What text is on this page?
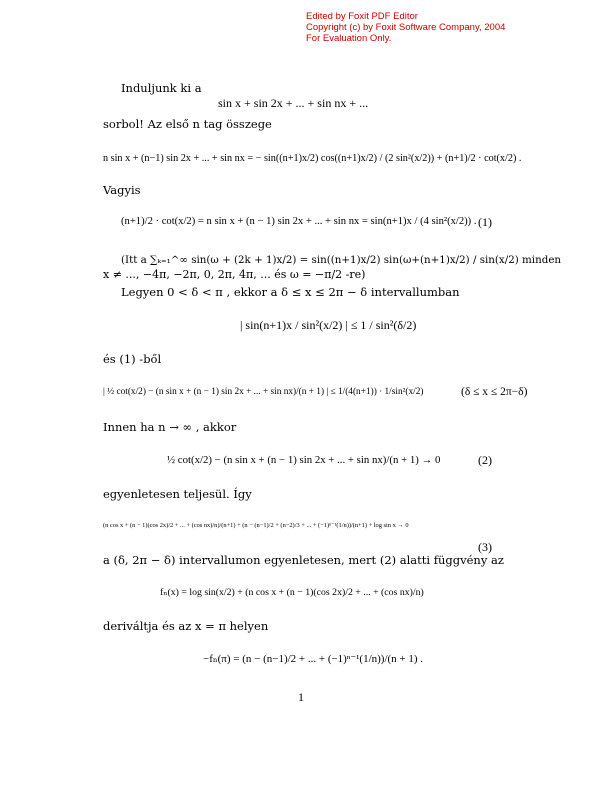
Edited by Foxit PDF Editor
Copyright (c) by Foxit Software Company, 2004
For Evaluation Only.
Induljunk ki a
sin x + sin 2x + ... + sin nx + ...
sorbol! Az első n tag összege
n sin x + (n−1) sin 2x + ... + sin nx = − sin((n+1)x/2) cos((n+1)x/2) / (2 sin²(x/2)) + (n+1)/2 · cot(x/2) .
Vagyis
(n+1)/2 · cot(x/2) = n sin x + (n − 1) sin 2x + ... + sin nx = sin(n+1)x / (4 sin²(x/2)) . (1)
(Itt a ∑ₖ₌₁^∞ sin(ω + (2k + 1)x/2) = sin((n+1)x/2) sin(ω+(n+1)x/2) / sin(x/2) minden
x ≠ ..., −4π, −2π, 0, 2π, 4π, ... és ω = −π/2 -re)
Legyen 0 < δ < π , ekkor a δ ≤ x ≤ 2π − δ intervallumban
| sin(n+1)x / sin²(x/2) | ≤ 1 / sin²(δ/2)
és (1) -ből
| ½ cot(x/2) − (n sin x + (n − 1) sin 2x + ... + sin nx)/(n + 1) | ≤ 1/(4(n+1)) · 1/sin²(x/2)	(δ ≤ x ≤ 2π−δ)
Innen ha n → ∞ , akkor
½ cot(x/2) − (n sin x + (n − 1) sin 2x + ... + sin nx)/(n + 1) → 0	(2)
egyenletesen teljesül. Így
(n cos x + (n − 1)(cos 2x)/2 + ... + (cos nx)/n)/(n+1) + (n − (n−1)/2 + (n−2)/3 + ... + (−1)ⁿ⁻¹(1/n))/(n+1) + log sin x → 0
(3)
a (δ, 2π − δ) intervallumon egyenletesen, mert (2) alatti függvény az
fₙ(x) = log sin(x/2) + (n cos x + (n − 1)(cos 2x)/2 + ... + (cos nx)/n)
deriváltja és az x = π helyen
−fₙ(π) = (n − (n−1)/2 + ... + (−1)ⁿ⁻¹(1/n))/(n + 1) .
1
